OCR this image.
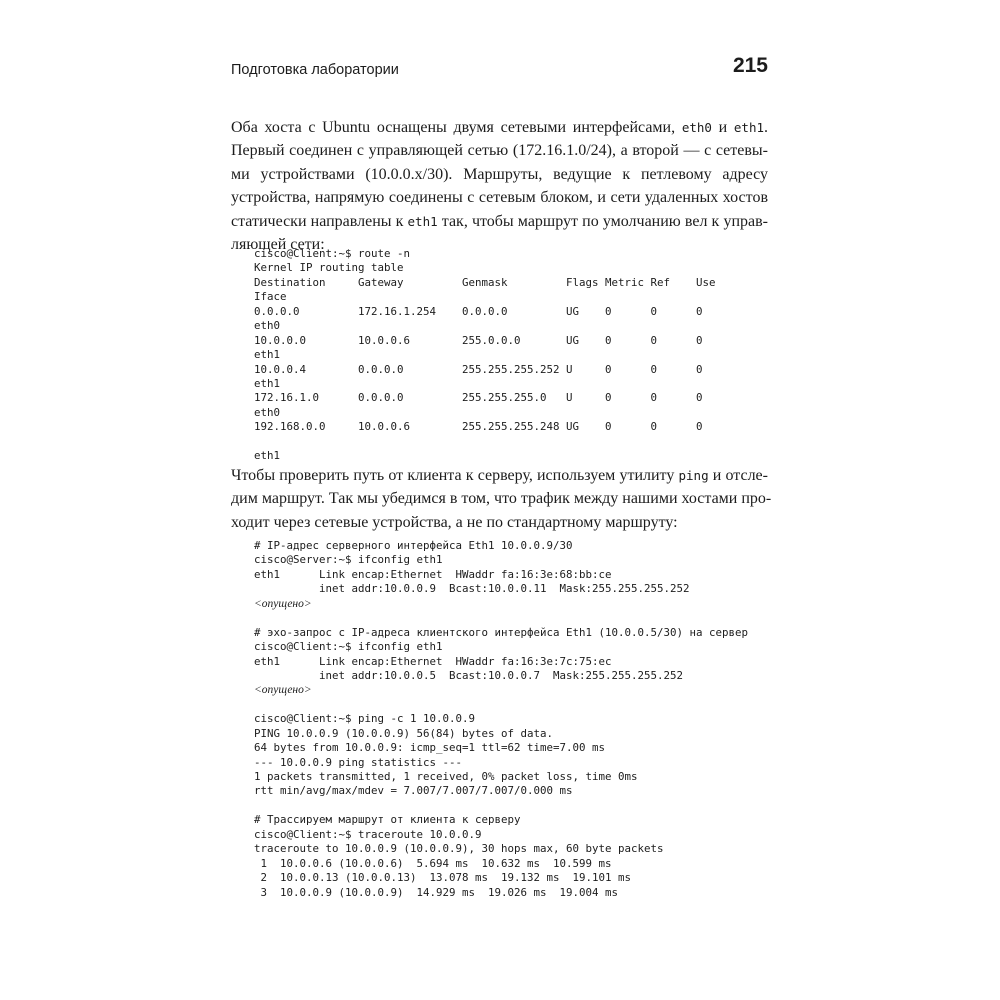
Подготовка лаборатории	215
Оба хоста с Ubuntu оснащены двумя сетевыми интерфейсами, eth0 и eth1.
Первый соединен с управляющей сетью (172.16.1.0/24), а второй — с сетевы-
ми устройствами (10.0.0.x/30). Маршруты, ведущие к петлевому адресу
устройства, напрямую соединены с сетевым блоком, и сети удаленных хостов
статически направлены к eth1 так, чтобы маршрут по умолчанию вел к управ-
ляющей сети:
cisco@Client:~$ route -n
Kernel IP routing table
Destination     Gateway         Genmask         Flags Metric Ref    Use
Iface
0.0.0.0         172.16.1.254    0.0.0.0         UG    0      0      0
eth0
10.0.0.0        10.0.0.6        255.0.0.0       UG    0      0      0
eth1
10.0.0.4        0.0.0.0         255.255.255.252 U     0      0      0
eth1
172.16.1.0      0.0.0.0         255.255.255.0   U     0      0      0
eth0
192.168.0.0     10.0.0.6        255.255.255.248 UG    0      0      0
eth1
Чтобы проверить путь от клиента к серверу, используем утилиту ping и отсле-
дим маршрут. Так мы убедимся в том, что трафик между нашими хостами про-
ходит через сетевые устройства, а не по стандартному маршруту:
# IP-адрес серверного интерфейса Eth1 10.0.0.9/30
cisco@Server:~$ ifconfig eth1
eth1      Link encap:Ethernet  HWaddr fa:16:3e:68:bb:ce
inet addr:10.0.0.9  Bcast:10.0.0.11  Mask:255.255.255.252
<опущено>
# эхо-запрос с IP-адреса клиентского интерфейса Eth1 (10.0.0.5/30) на сервер
cisco@Client:~$ ifconfig eth1
eth1      Link encap:Ethernet  HWaddr fa:16:3e:7c:75:ec
inet addr:10.0.0.5  Bcast:10.0.0.7  Mask:255.255.255.252
<опущено>
cisco@Client:~$ ping -c 1 10.0.0.9
PING 10.0.0.9 (10.0.0.9) 56(84) bytes of data.
64 bytes from 10.0.0.9: icmp_seq=1 ttl=62 time=7.00 ms
--- 10.0.0.9 ping statistics ---
1 packets transmitted, 1 received, 0% packet loss, time 0ms
rtt min/avg/max/mdev = 7.007/7.007/7.007/0.000 ms
# Трассируем маршрут от клиента к серверу
cisco@Client:~$ traceroute 10.0.0.9
traceroute to 10.0.0.9 (10.0.0.9), 30 hops max, 60 byte packets
1  10.0.0.6 (10.0.0.6)  5.694 ms  10.632 ms  10.599 ms
2  10.0.0.13 (10.0.0.13)  13.078 ms  19.132 ms  19.101 ms
3  10.0.0.9 (10.0.0.9)  14.929 ms  19.026 ms  19.004 ms
